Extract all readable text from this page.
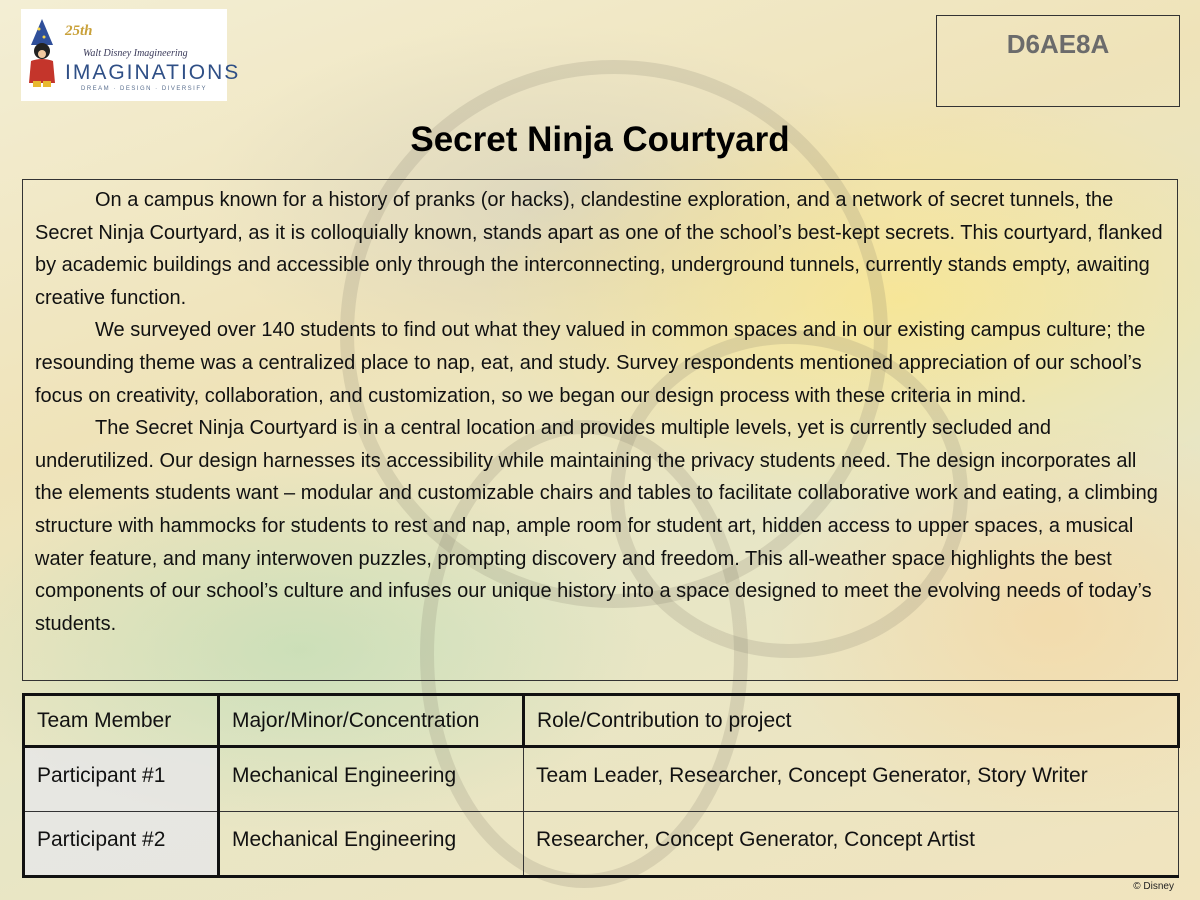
25th
Walt Disney Imagineering
IMAGINATIONS
DREAM · DESIGN · DIVERSIFY
D6AE8A
Secret Ninja Courtyard

On a campus known for a history of pranks (or hacks), clandestine exploration, and a network of secret tunnels, the Secret Ninja Courtyard, as it is colloquially known, stands apart as one of the school’s best-kept secrets. This courtyard, flanked by academic buildings and accessible only through the interconnecting, underground tunnels, currently stands empty, awaiting creative function.

We surveyed over 140 students to find out what they valued in common spaces and in our existing campus culture; the resounding theme was a centralized place to nap, eat, and study. Survey respondents mentioned appreciation of our school’s focus on creativity, collaboration, and customization, so we began our design process with these criteria in mind.

The Secret Ninja Courtyard is in a central location and provides multiple levels, yet is currently secluded and underutilized. Our design harnesses its accessibility while maintaining the privacy students need. The design incorporates all the elements students want – modular and customizable chairs and tables to facilitate collaborative work and eating, a climbing structure with hammocks for students to rest and nap, ample room for student art, hidden access to upper spaces, a musical water feature, and many interwoven puzzles, prompting discovery and freedom. This all-weather space highlights the best components of our school’s culture and infuses our unique history into a space designed to meet the evolving needs of today’s students.

Team Member	Major/Minor/Concentration	Role/Contribution to project
Participant #1	Mechanical Engineering	Team Leader, Researcher, Concept Generator, Story Writer
Participant #2	Mechanical Engineering	Researcher, Concept Generator, Concept Artist
© Disney
